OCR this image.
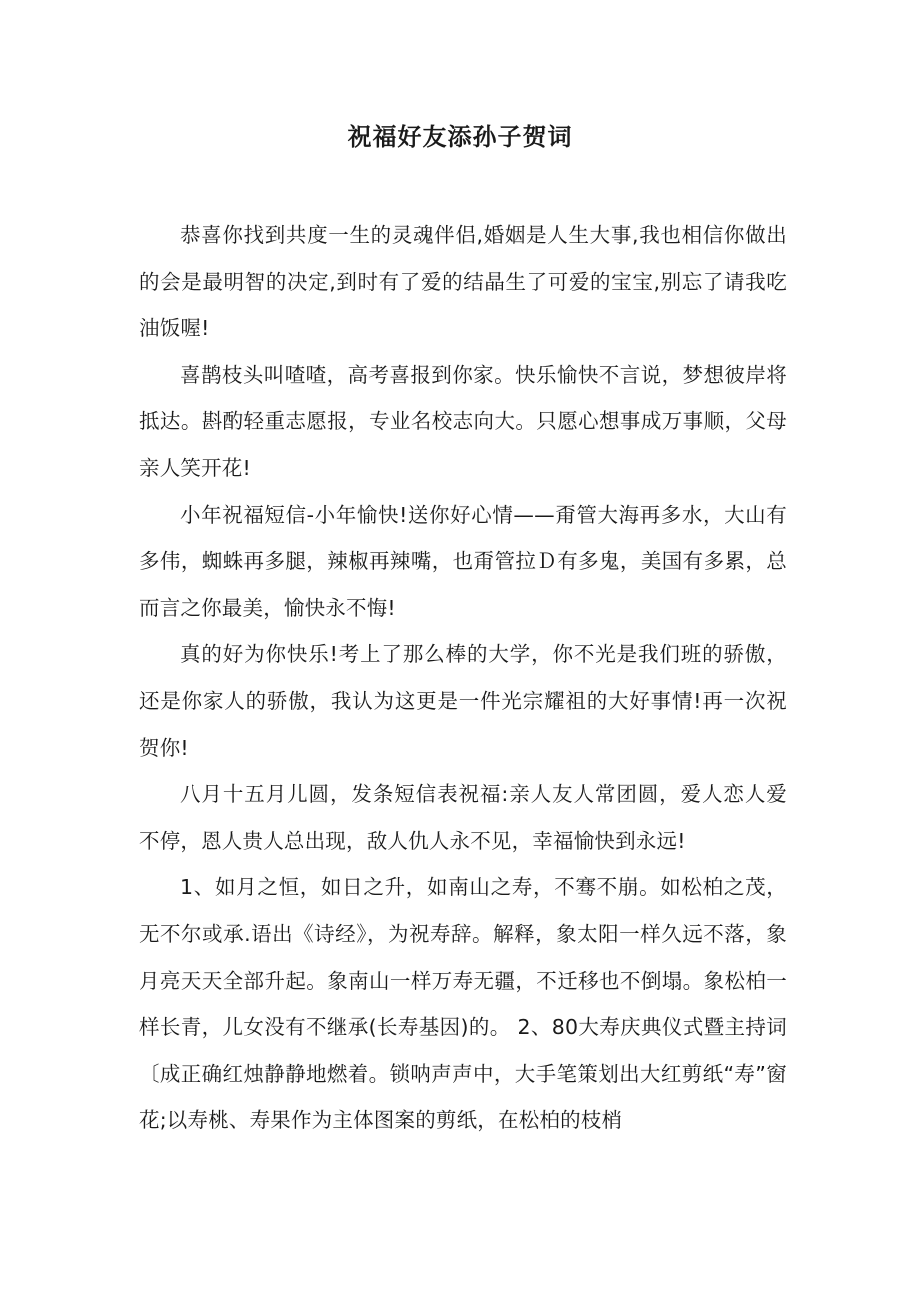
祝福好友添孙子贺词

恭喜你找到共度一生的灵魂伴侣,婚姻是人生大事,我也相信你做出的会是最明智的决定,到时有了爱的结晶生了可爱的宝宝,别忘了请我吃油饭喔!

喜鹊枝头叫喳喳，高考喜报到你家。快乐愉快不言说，梦想彼岸将抵达。斟酌轻重志愿报，专业名校志向大。只愿心想事成万事顺，父母亲人笑开花!

小年祝福短信-小年愉快!送你好心情——甭管大海再多水，大山有多伟，蜘蛛再多腿，辣椒再辣嘴，也甭管拉Ｄ有多鬼，美国有多累，总而言之你最美，愉快永不悔!

真的好为你快乐!考上了那么棒的大学，你不光是我们班的骄傲，还是你家人的骄傲，我认为这更是一件光宗耀祖的大好事情!再一次祝贺你!

八月十五月儿圆，发条短信表祝福:亲人友人常团圆，爱人恋人爱不停，恩人贵人总出现，敌人仇人永不见，幸福愉快到永远!

1、如月之恒，如日之升，如南山之寿，不骞不崩。如松柏之茂，无不尔或承.语出《诗经》，为祝寿辞。解释，象太阳一样久远不落，象月亮天天全部升起。象南山一样万寿无疆，不迁移也不倒塌。象松柏一样长青，儿女没有不继承(长寿基因)的。 2、80大寿庆典仪式暨主持词〔成正确红烛静静地燃着。锁呐声声中，大手笔策划出大红剪纸“寿”窗花;以寿桃、寿果作为主体图案的剪纸，在松柏的枝梢
